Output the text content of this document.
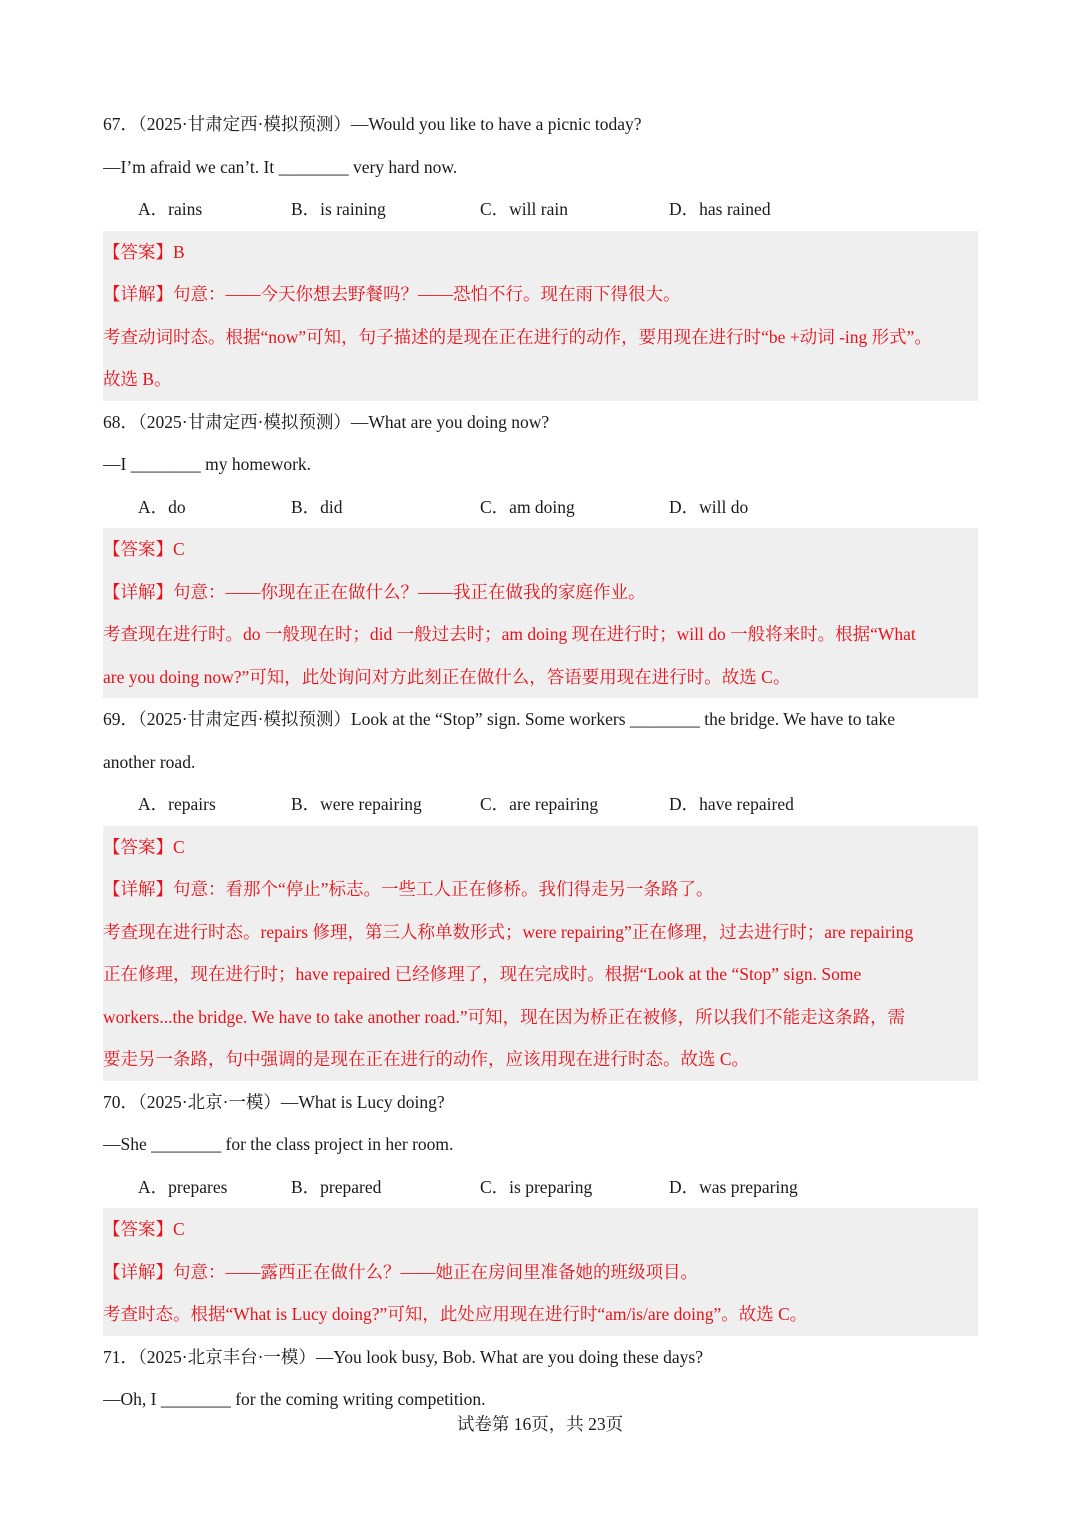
67．（2025·甘肃定西·模拟预测）—Would you like to have a picnic today?
—I’m afraid we can’t. It ________ very hard now.
A．rains	B．is raining	C．will rain	D．has rained
【答案】B
【详解】句意：——今天你想去野餐吗？——恐怕不行。现在雨下得很大。
考查动词时态。根据“now”可知，句子描述的是现在正在进行的动作，要用现在进行时“be +动词 -ing 形式”。
故选 B。
68．（2025·甘肃定西·模拟预测）—What are you doing now?
—I ________ my homework.
A．do	B．did	C．am doing	D．will do
【答案】C
【详解】句意：——你现在正在做什么？——我正在做我的家庭作业。
考查现在进行时。do 一般现在时；did 一般过去时；am doing 现在进行时；will do 一般将来时。根据“What
are you doing now?”可知，此处询问对方此刻正在做什么，答语要用现在进行时。故选 C。
69．（2025·甘肃定西·模拟预测）Look at the “Stop” sign. Some workers ________ the bridge. We have to take
another road.
A．repairs	B．were repairing	C．are repairing	D．have repaired
【答案】C
【详解】句意：看那个“停止”标志。一些工人正在修桥。我们得走另一条路了。
考查现在进行时态。repairs 修理，第三人称单数形式；were repairing”正在修理，过去进行时；are repairing
正在修理，现在进行时；have repaired 已经修理了，现在完成时。根据“Look at the “Stop” sign. Some
workers...the bridge. We have to take another road.”可知，现在因为桥正在被修，所以我们不能走这条路，需
要走另一条路，句中强调的是现在正在进行的动作，应该用现在进行时态。故选 C。
70．（2025·北京·一模）—What is Lucy doing?
—She ________ for the class project in her room.
A．prepares	B．prepared	C．is preparing	D．was preparing
【答案】C
【详解】句意：——露西正在做什么？——她正在房间里准备她的班级项目。
考查时态。根据“What is Lucy doing?”可知，此处应用现在进行时“am/is/are doing”。故选 C。
71．（2025·北京丰台·一模）—You look busy, Bob. What are you doing these days?
—Oh, I ________ for the coming writing competition.
试卷第 16页，共 23页
